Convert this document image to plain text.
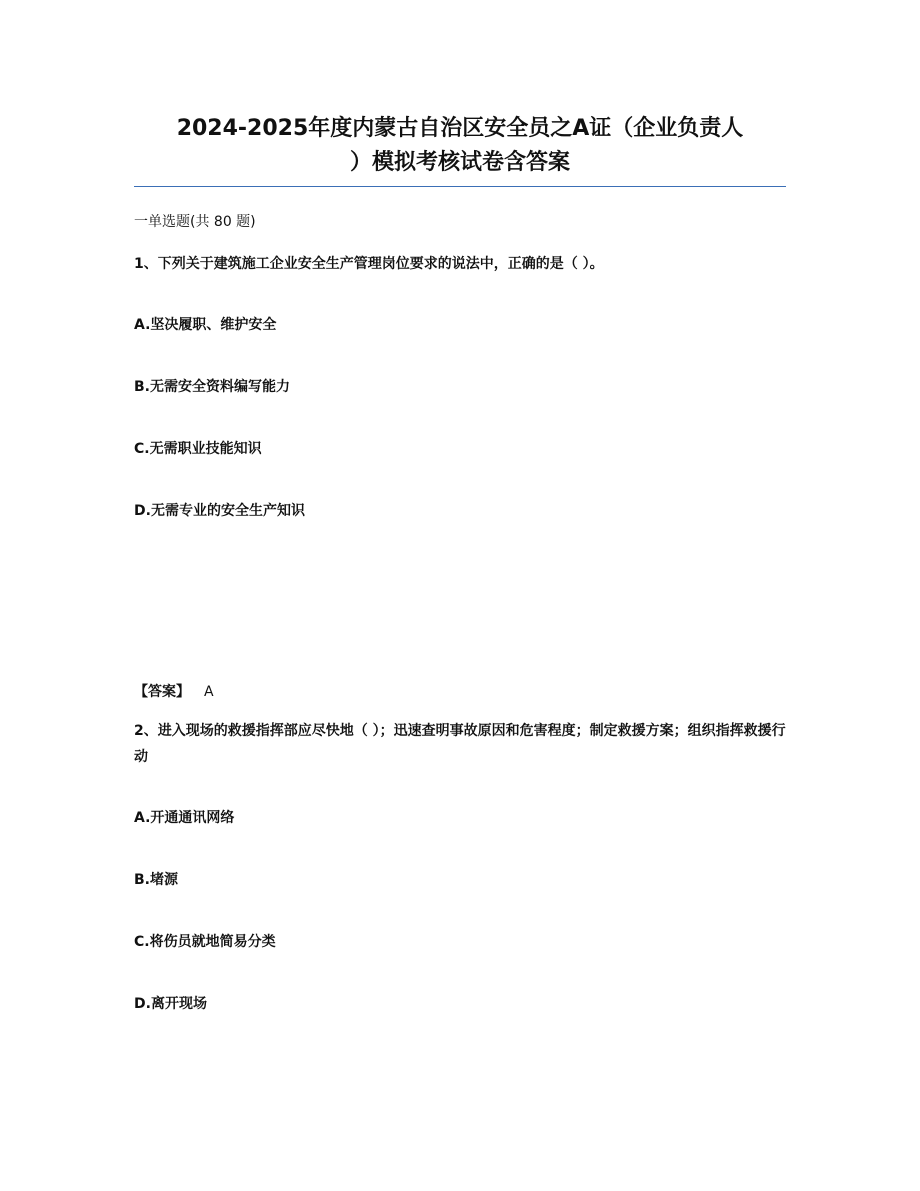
2024-2025年度内蒙古自治区安全员之A证（企业负责人
）模拟考核试卷含答案
一单选题(共 80 题)
1、下列关于建筑施工企业安全生产管理岗位要求的说法中，正确的是（ ）。
A.坚决履职、维护安全
B.无需安全资料编写能力
C.无需职业技能知识
D.无需专业的安全生产知识
【答案】 A
2、进入现场的救援指挥部应尽快地（ ）；迅速查明事故原因和危害程度；制定救援方案；组织指挥救援行动
A.开通通讯网络
B.堵源
C.将伤员就地简易分类
D.离开现场
